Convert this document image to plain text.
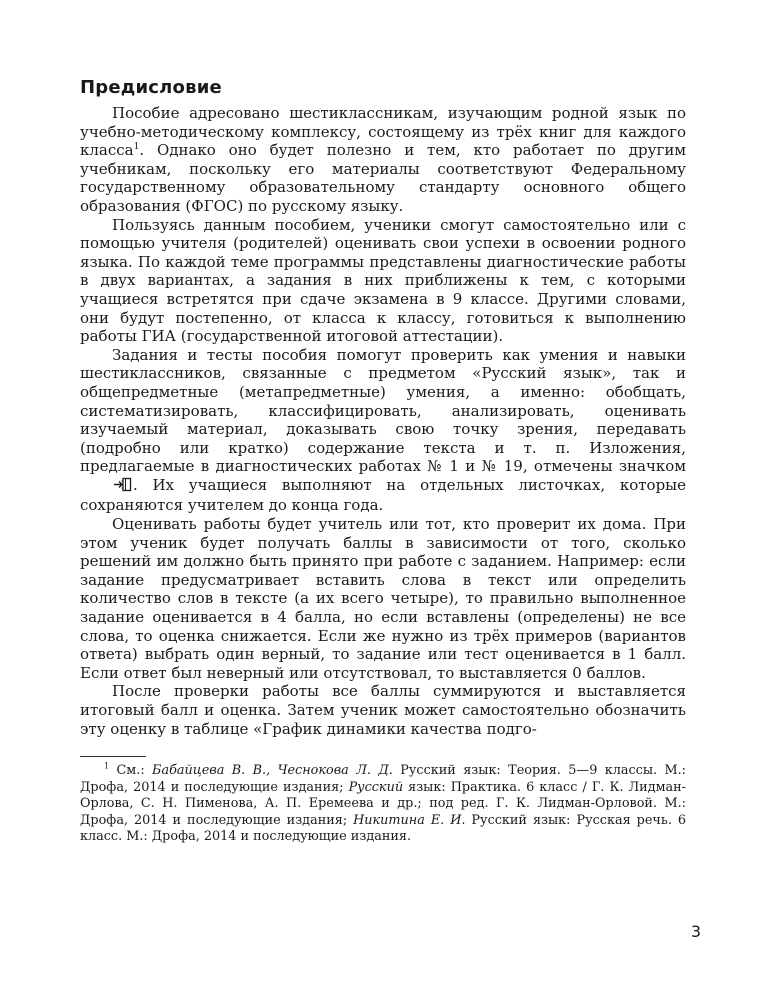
Предисловие

Пособие адресовано шестиклассникам, изучающим родной язык по учебно-методическому комплексу, состоящему из трёх книг для каждого класса$^1$. Однако оно будет полезно и тем, кто работает по другим учебникам, поскольку его материалы соответствуют Федеральному государственному образовательному стандарту основного общего образования (ФГОС) по русскому языку.

Пользуясь данным пособием, ученики смогут самостоятельно или с помощью учителя (родителей) оценивать свои успехи в освоении родного языка. По каждой теме программы представлены диагностические работы в двух вариантах, а задания в них приближены к тем, с которыми учащиеся встретятся при сдаче экзамена в 9 классе. Другими словами, они будут постепенно, от класса к классу, готовиться к выполнению работы ГИА (государственной итоговой аттестации).

Задания и тесты пособия помогут проверить как умения и навыки шестиклассников, связанные с предметом «Русский язык», так и общепредметные (метапредметные) умения, а именно: обобщать, систематизировать, классифицировать, анализировать, оценивать изучаемый материал, доказывать свою точку зрения, передавать (подробно или кратко) содержание текста и т. п. Изложения, предлагаемые в диагностических работах № 1 и № 19, отмечены значком . Их учащиеся выполняют на отдельных листочках, которые сохраняются учителем до конца года.

Оценивать работы будет учитель или тот, кто проверит их дома. При этом ученик будет получать баллы в зависимости от того, сколько решений им должно быть принято при работе с заданием. Например: если задание предусматривает вставить слова в текст или определить количество слов в тексте (а их всего четыре), то правильно выполненное задание оценивается в 4 балла, но если вставлены (определены) не все слова, то оценка снижается. Если же нужно из трёх примеров (вариантов ответа) выбрать один верный, то задание или тест оценивается в 1 балл. Если ответ был неверный или отсутствовал, то выставляется 0 баллов.

После проверки работы все баллы суммируются и выставляется итоговый балл и оценка. Затем ученик может самостоятельно обозначить эту оценку в таблице «График динамики качества подго-

$^1$ См.: Бабайцева В. В., Чеснокова Л. Д. Русский язык: Теория. 5—9 классы. М.: Дрофа, 2014 и последующие издания; Русский язык: Практика. 6 класс / Г. К. Лидман-Орлова, С. Н. Пименова, А. П. Еремеева и др.; под ред. Г. К. Лидман-Орловой. М.: Дрофа, 2014 и последующие издания; Никитина Е. И. Русский язык: Русская речь. 6 класс. М.: Дрофа, 2014 и последующие издания.

3
